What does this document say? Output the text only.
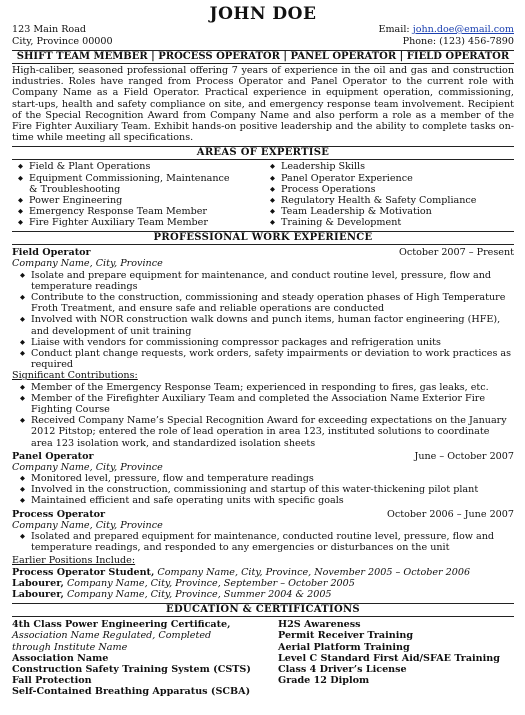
JOHN DOE
123 Main Road
City, Province 00000
Email: john.doe@email.com
Phone: (123) 456-7890
SHIFT TEAM MEMBER | PROCESS OPERATOR | PANEL OPERATOR | FIELD OPERATOR
High-caliber, seasoned professional offering 7 years of experience in the oil and gas and construction industries. Roles have ranged from Process Operator and Panel Operator to the current role with Company Name as a Field Operator. Practical experience in equipment operation, commissioning, start-ups, health and safety compliance on site, and emergency response team involvement. Recipient of the Special Recognition Award from Company Name and also perform a role as a member of the Fire Fighter Auxiliary Team. Exhibit hands-on positive leadership and the ability to complete tasks on-time while meeting all specifications.
AREAS OF EXPERTISE
◆ Field & Plant Operations
◆ Equipment Commissioning, Maintenance & Troubleshooting
◆ Power Engineering
◆ Emergency Response Team Member
◆ Fire Fighter Auxiliary Team Member
◆ Leadership Skills
◆ Panel Operator Experience
◆ Process Operations
◆ Regulatory Health & Safety Compliance
◆ Team Leadership & Motivation
◆ Training & Development
PROFESSIONAL WORK EXPERIENCE
Field Operator	October 2007 – Present
Company Name, City, Province
◆ Isolate and prepare equipment for maintenance, and conduct routine level, pressure, flow and temperature readings
◆ Contribute to the construction, commissioning and steady operation phases of High Temperature Froth Treatment, and ensure safe and reliable operations are conducted
◆ Involved with NOR construction walk downs and punch items, human factor engineering (HFE), and development of unit training
◆ Liaise with vendors for commissioning compressor packages and refrigeration units
◆ Conduct plant change requests, work orders, safety impairments or deviation to work practices as required
Significant Contributions:
◆ Member of the Emergency Response Team; experienced in responding to fires, gas leaks, etc.
◆ Member of the Firefighter Auxiliary Team and completed the Association Name Exterior Fire Fighting Course
◆ Received Company Name’s Special Recognition Award for exceeding expectations on the January 2012 Pitstop; entered the role of lead operation in area 123, instituted solutions to coordinate area 123 isolation work, and standardized isolation sheets
Panel Operator	June – October 2007
Company Name, City, Province
◆ Monitored level, pressure, flow and temperature readings
◆ Involved in the construction, commissioning and startup of this water-thickening pilot plant
◆ Maintained efficient and safe operating units with specific goals
Process Operator	October 2006 – June 2007
Company Name, City, Province
◆ Isolated and prepared equipment for maintenance, conducted routine level, pressure, flow and temperature readings, and responded to any emergencies or disturbances on the unit
Earlier Positions Include:
Process Operator Student, Company Name, City, Province, November 2005 – October 2006
Labourer, Company Name, City, Province, September – October 2005
Labourer, Company Name, City, Province, Summer 2004 & 2005
EDUCATION & CERTIFICATIONS
4th Class Power Engineering Certificate,
Association Name Regulated, Completed through Institute Name
Association Name
Construction Safety Training System (CSTS)
Fall Protection
Self-Contained Breathing Apparatus (SCBA)
H2S Awareness
Permit Receiver Training
Aerial Platform Training
Level C Standard First Aid/SFAE Training
Class 4 Driver’s License
Grade 12 Diplom
